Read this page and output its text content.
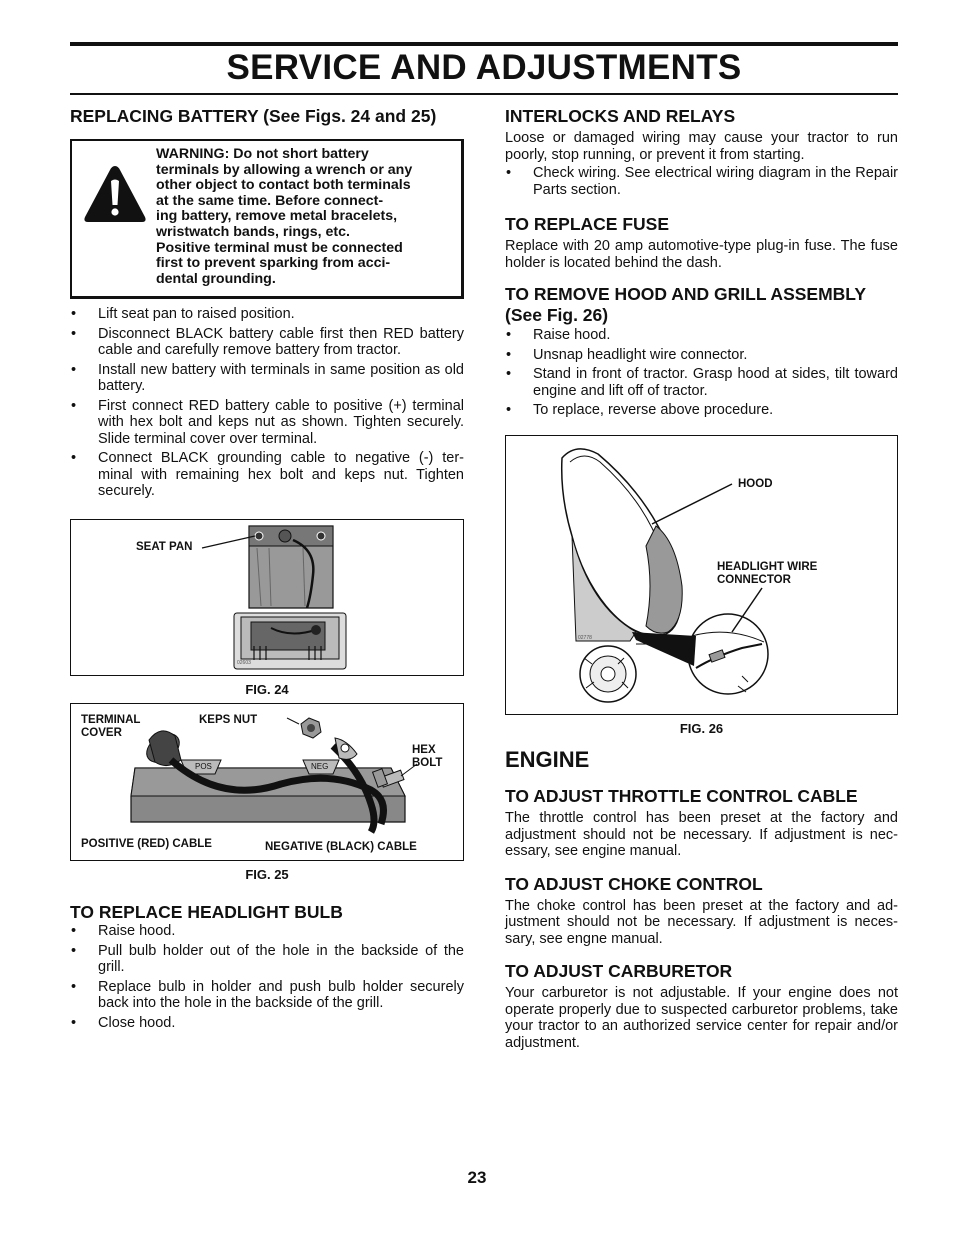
SERVICE AND ADJUSTMENTS
REPLACING BATTERY (See Figs. 24 and 25)
WARNING: Do not short battery
terminals by allowing a wrench or any
other object to contact both terminals
at the same time. Before connect-
ing battery, remove metal bracelets,
wristwatch bands, rings, etc.
Positive terminal must be connected
first to prevent sparking from acci-
dental grounding.
• Lift seat pan to raised position.
• Disconnect BLACK battery cable first then RED battery cable and carefully remove battery from tractor.
• Install new battery with terminals in same position as old battery.
• First connect RED battery cable to positive (+) terminal with hex bolt and keps nut as shown. Tighten securely. Slide terminal cover over terminal.
• Connect BLACK grounding cable to negative (-) ter- minal with remaining hex bolt and keps nut. Tighten securely.
SEAT PAN
02603
FIG. 24
POS	NEG
TERMINAL
COVER
KEPS NUT
HEX
BOLT
POSITIVE (RED) CABLE	NEGATIVE (BLACK) CABLE
FIG. 25
TO REPLACE HEADLIGHT BULB
• Raise hood.
• Pull bulb holder out of the hole in the backside of the grill.
• Replace bulb in holder and push bulb holder securely back into the hole in the backside of the grill.
• Close hood.
INTERLOCKS AND RELAYS

Loose or damaged wiring may cause your tractor to run poorly, stop running, or prevent it from starting.

• Check wiring. See electrical wiring diagram in the Repair Parts section.
TO REPLACE FUSE

Replace with 20 amp automotive-type plug-in fuse. The fuse holder is located behind the dash.

TO REMOVE HOOD AND GRILL ASSEMBLY (See Fig. 26)
• Raise hood.
• Unsnap headlight wire connector.
• Stand in front of tractor. Grasp hood at sides, tilt toward engine and lift off of tractor.
• To replace, reverse above procedure.
HOOD
HEADLIGHT WIRE
CONNECTOR
02778
FIG. 26
ENGINE
TO ADJUST THROTTLE CONTROL CABLE

The throttle control has been preset at the factory and adjustment should not be necessary. If adjustment is nec- essary, see engine manual.

TO ADJUST CHOKE CONTROL

The choke control has been preset at the factory and ad- justment should not be necessary. If adjustment is neces- sary, see engne manual.

TO ADJUST CARBURETOR

Your carburetor is not adjustable. If your engine does not operate properly due to suspected carburetor problems, take your tractor to an authorized service center for repair and/or adjustment.

23
